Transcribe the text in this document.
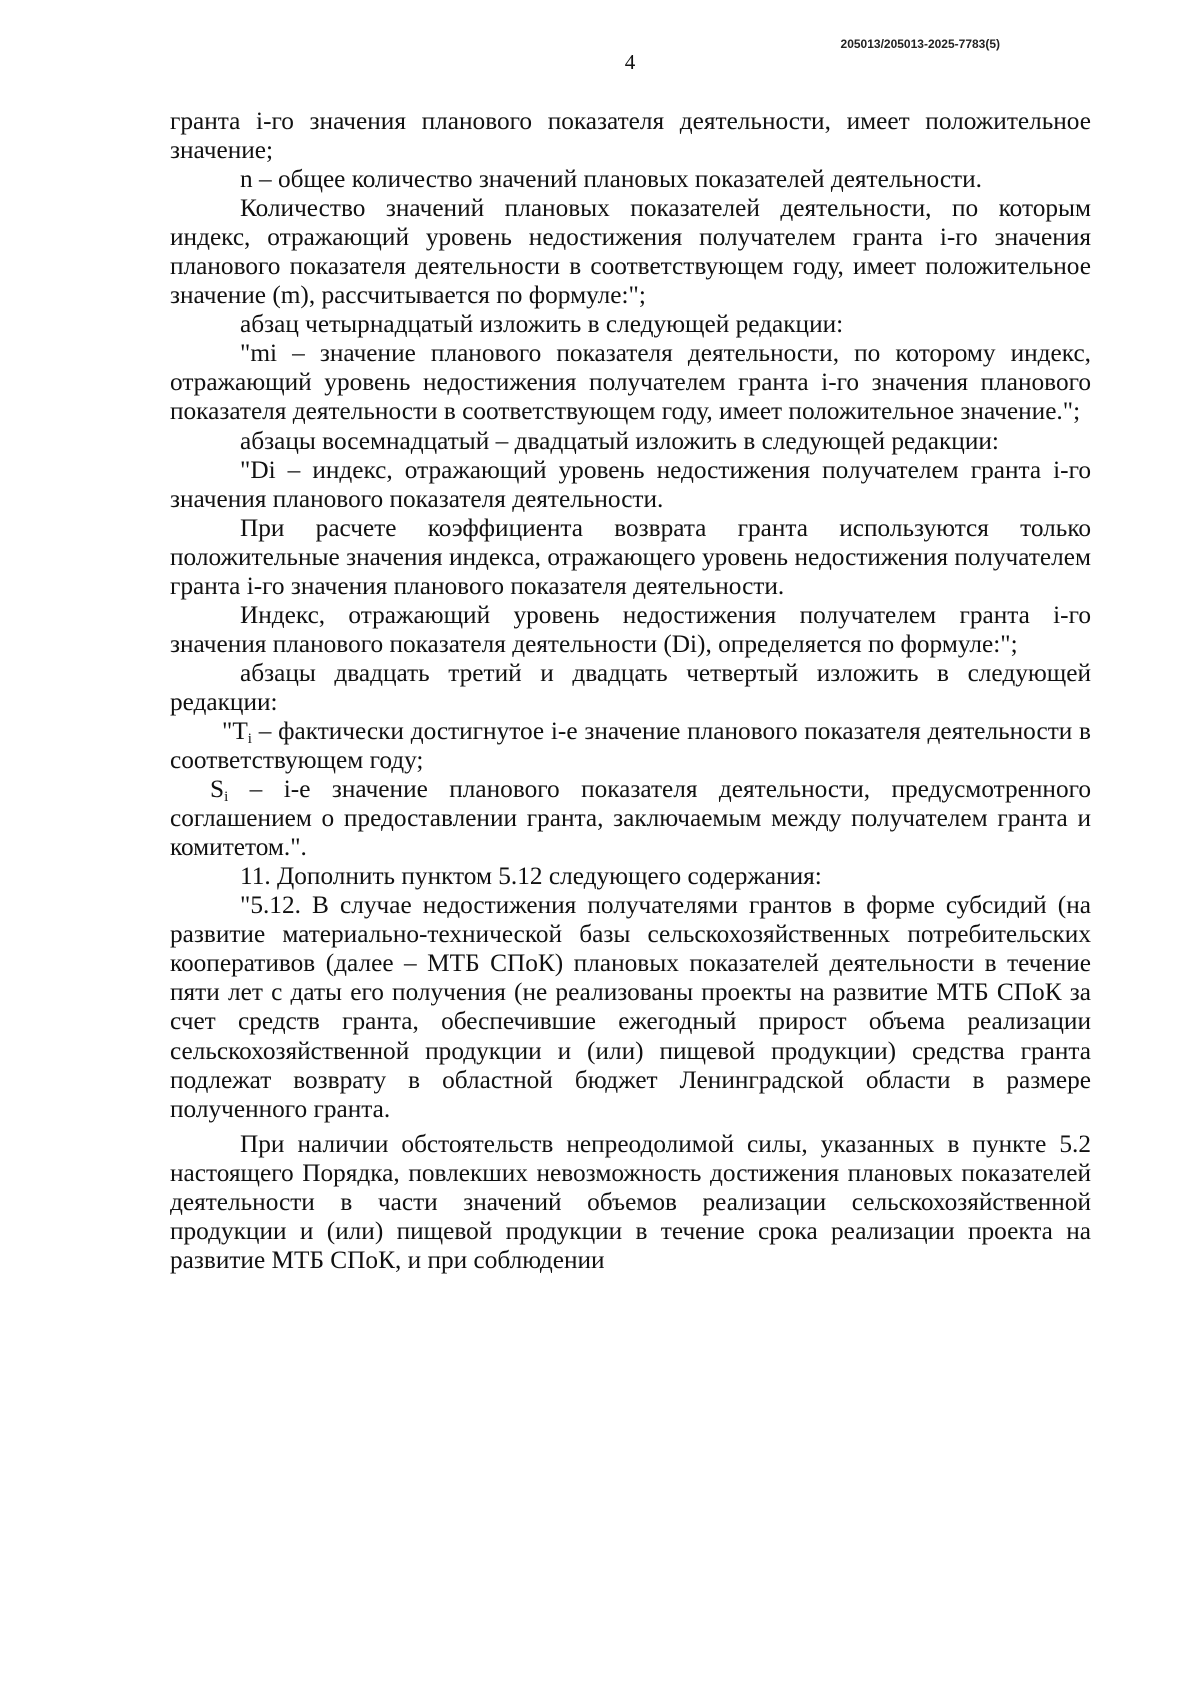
205013/205013-2025-7783(5)
4

гранта i-го значения планового показателя деятельности, имеет положительное значение;

n – общее количество значений плановых показателей деятельности.

Количество значений плановых показателей деятельности, по которым индекс, отражающий уровень недостижения получателем гранта i-го значения планового показателя деятельности в соответствующем году, имеет положительное значение (m), рассчитывается по формуле:";

абзац четырнадцатый изложить в следующей редакции:

"mi – значение планового показателя деятельности, по которому индекс, отражающий уровень недостижения получателем гранта i-го значения планового показателя деятельности в соответствующем году, имеет положительное значение.";

абзацы восемнадцатый – двадцатый изложить в следующей редакции:

"Di – индекс, отражающий уровень недостижения получателем гранта i-го значения планового показателя деятельности.

При расчете коэффициента возврата гранта используются только положительные значения индекса, отражающего уровень недостижения получателем гранта i-го значения планового показателя деятельности.

Индекс, отражающий уровень недостижения получателем гранта i-го значения планового показателя деятельности (Di), определяется по формуле:";

абзацы двадцать третий и двадцать четвертый изложить в следующей редакции:

"$T_i$ – фактически достигнутое i-е значение планового показателя деятельности в соответствующем году;

$S_i - i-е$ значение планового показателя деятельности, предусмотренного соглашением о предоставлении гранта, заключаемым между получателем гранта и комитетом.".

11. Дополнить пунктом 5.12 следующего содержания:

"5.12. В случае недостижения получателями грантов в форме субсидий (на развитие материально-технической базы сельскохозяйственных потребительских кооперативов (далее – МТБ СПоК) плановых показателей деятельности в течение пяти лет с даты его получения (не реализованы проекты на развитие МТБ СПоК за счет средств гранта, обеспечившие ежегодный прирост объема реализации сельскохозяйственной продукции и (или) пищевой продукции) средства гранта подлежат возврату в областной бюджет Ленинградской области в размере полученного гранта.

При наличии обстоятельств непреодолимой силы, указанных в пункте 5.2 настоящего Порядка, повлекших невозможность достижения плановых показателей деятельности в части значений объемов реализации сельскохозяйственной продукции и (или) пищевой продукции в течение срока реализации проекта на развитие МТБ СПоК, и при соблюдении
